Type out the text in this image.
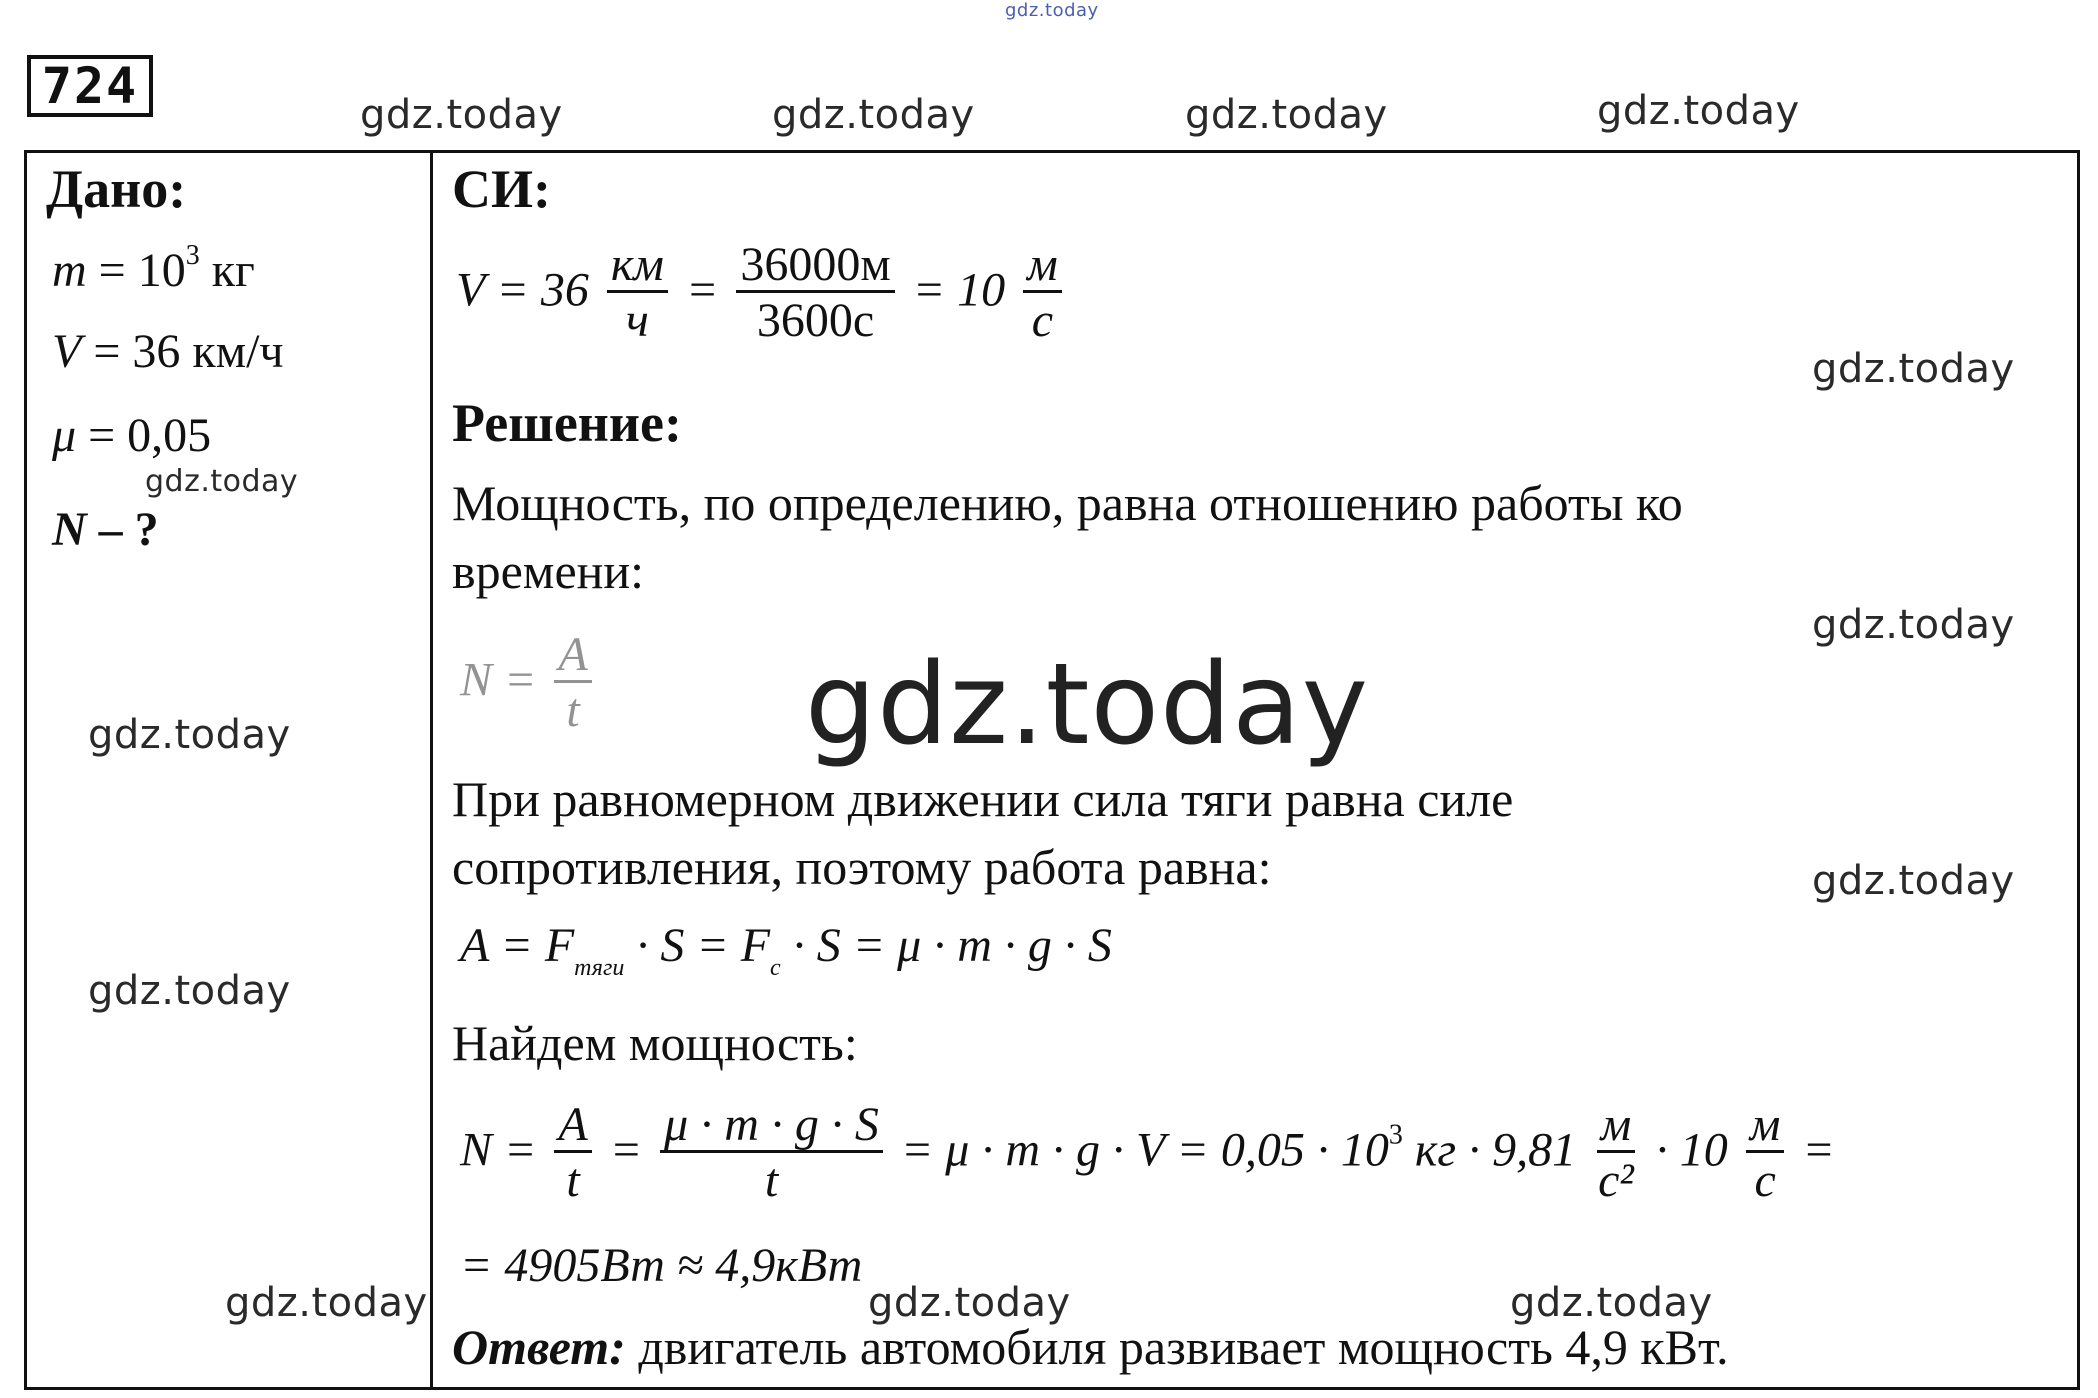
gdz.today
gdz.today	gdz.today	gdz.today	gdz.today
gdz.today
gdz.today
gdz.today
gdz.today
gdz.today
gdz.today
724
Дано:
$m = 10^3$ кг
V = 36 км/ч
μ = 0,05
N – ?
СИ:
$V = 36 \frac{км}{ч} = \frac{36000м}{3600с} = 10 \frac{м}{с}$
Решение:
Мощность, по определению, равна отношению работы ко
времени:
$N = \frac{A}{t}$ gdz.today
При равномерном движении сила тяги равна силе
сопротивления, поэтому работа равна:
$A = F_{тяги} \cdot S = F_c \cdot S = \mu \cdot m \cdot g \cdot S$
Найдем мощность:
$N = \frac{A}{t} = \frac{\mu \cdot m \cdot g \cdot S}{t} = \mu \cdot m \cdot g \cdot V = 0,05 \cdot 10^3$ кг · $9,81 \frac{м}{\text{с²}} \cdot 10 \frac{м}{с}$ =
= 4905Вт ≈ 4,9кВт
gdz.today	gdz.today	gdz.today
Ответ: двигатель автомобиля развивает мощность 4,9 кВт.
